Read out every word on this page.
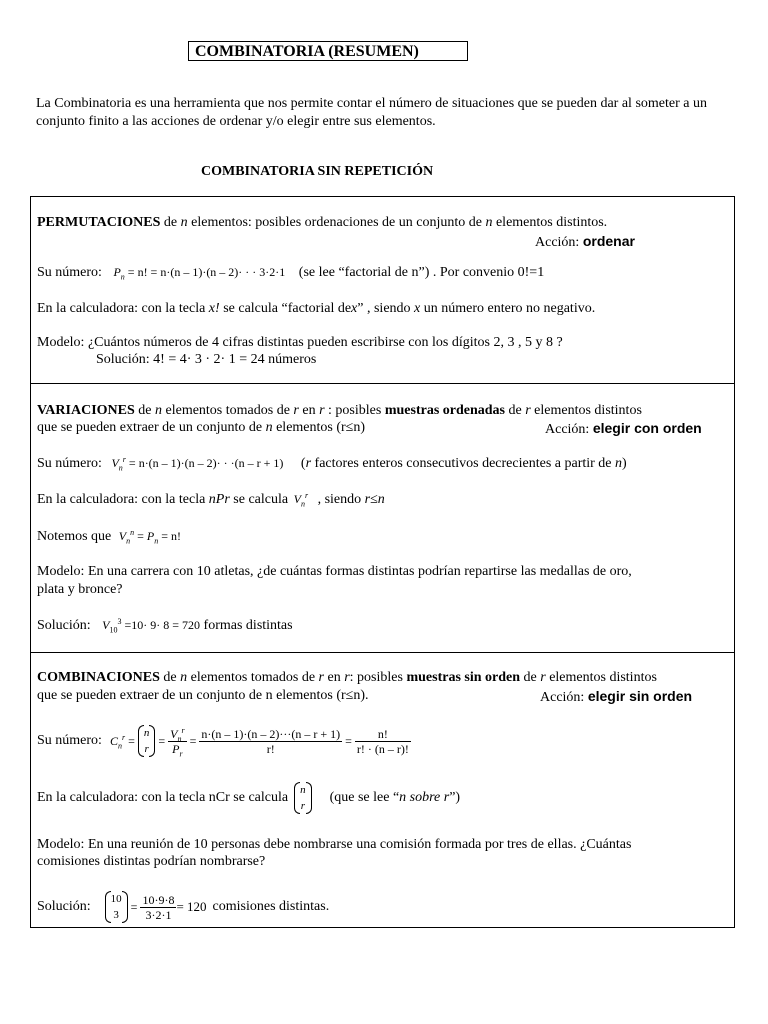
COMBINATORIA (RESUMEN)
La Combinatoria es una herramienta que nos permite contar el número de situaciones que se pueden dar al someter a un conjunto finito a las acciones de ordenar y/o elegir entre sus elementos.
COMBINATORIA SIN REPETICIÓN
PERMUTACIONES de n elementos: posibles ordenaciones de un conjunto de n elementos distintos.
Acción: ordenar
Su número: $P_n = n$! = n·(n – 1)·(n – 2)· · · 3·2·1 (se lee “factorial de n”) . Por convenio 0!=1
En la calculadora: con la tecla x! se calcula “factorial dex” , siendo x un número entero no negativo.
Modelo: ¿Cuántos números de 4 cifras distintas pueden escribirse con los dígitos 2, 3 , 5 y 8 ?
Solución: 4! = 4· 3 · 2· 1 = 24 números
VARIACIONES de n elementos tomados de r en r : posibles muestras ordenadas de r elementos distintos
que se pueden extraer de un conjunto de n elementos (r≤n)	Acción: elegir con orden
Su número: $V_n^r = n\cdot(n - 1)\cdot(n - 2)\cdot \cdot \cdot(n - r + 1)$ (r factores enteros consecutivos decrecientes a partir de n)
En la calculadora: con la tecla nPr se calcula $V_n^r$ , siendo r≤n
Notemos que $V_n^n = P_n = n$!
Modelo: En una carrera con 10 atletas, ¿de cuántas formas distintas podrían repartirse las medallas de oro,
plata y bronce?
Solución: $V_{10}^3 =10\cdot 9\cdot 8 = 720$ formas distintas
COMBINACIONES de n elementos tomados de r en r: posibles muestras sin orden de r elementos distintos
que se pueden extraer de un conjunto de n elementos (r≤n).	Acción: elegir sin orden
Su número: $C_n^r$ =
n
r
= $\frac{V_n^r}{P_r} = \frac{n\cdot(n - 1)\cdot(n - 2)\cdot\cdot\cdot(n - r + 1)}{r!} = \frac{n!}{r! \cdot (n - r)!}$
En la calculadora: con la tecla nCr se calcula n
r
(que se lee “ n sobre r ”)
Modelo: En una reunión de 10 personas debe nombrarse una comisión formada por tres de ellas. ¿Cuántas
comisiones distintas podrían nombrarse?
Solución: 10
3
= $\frac{10\cdot 9\cdot 8}{3\cdot 2\cdot 1} = 120$ comisiones distintas.
